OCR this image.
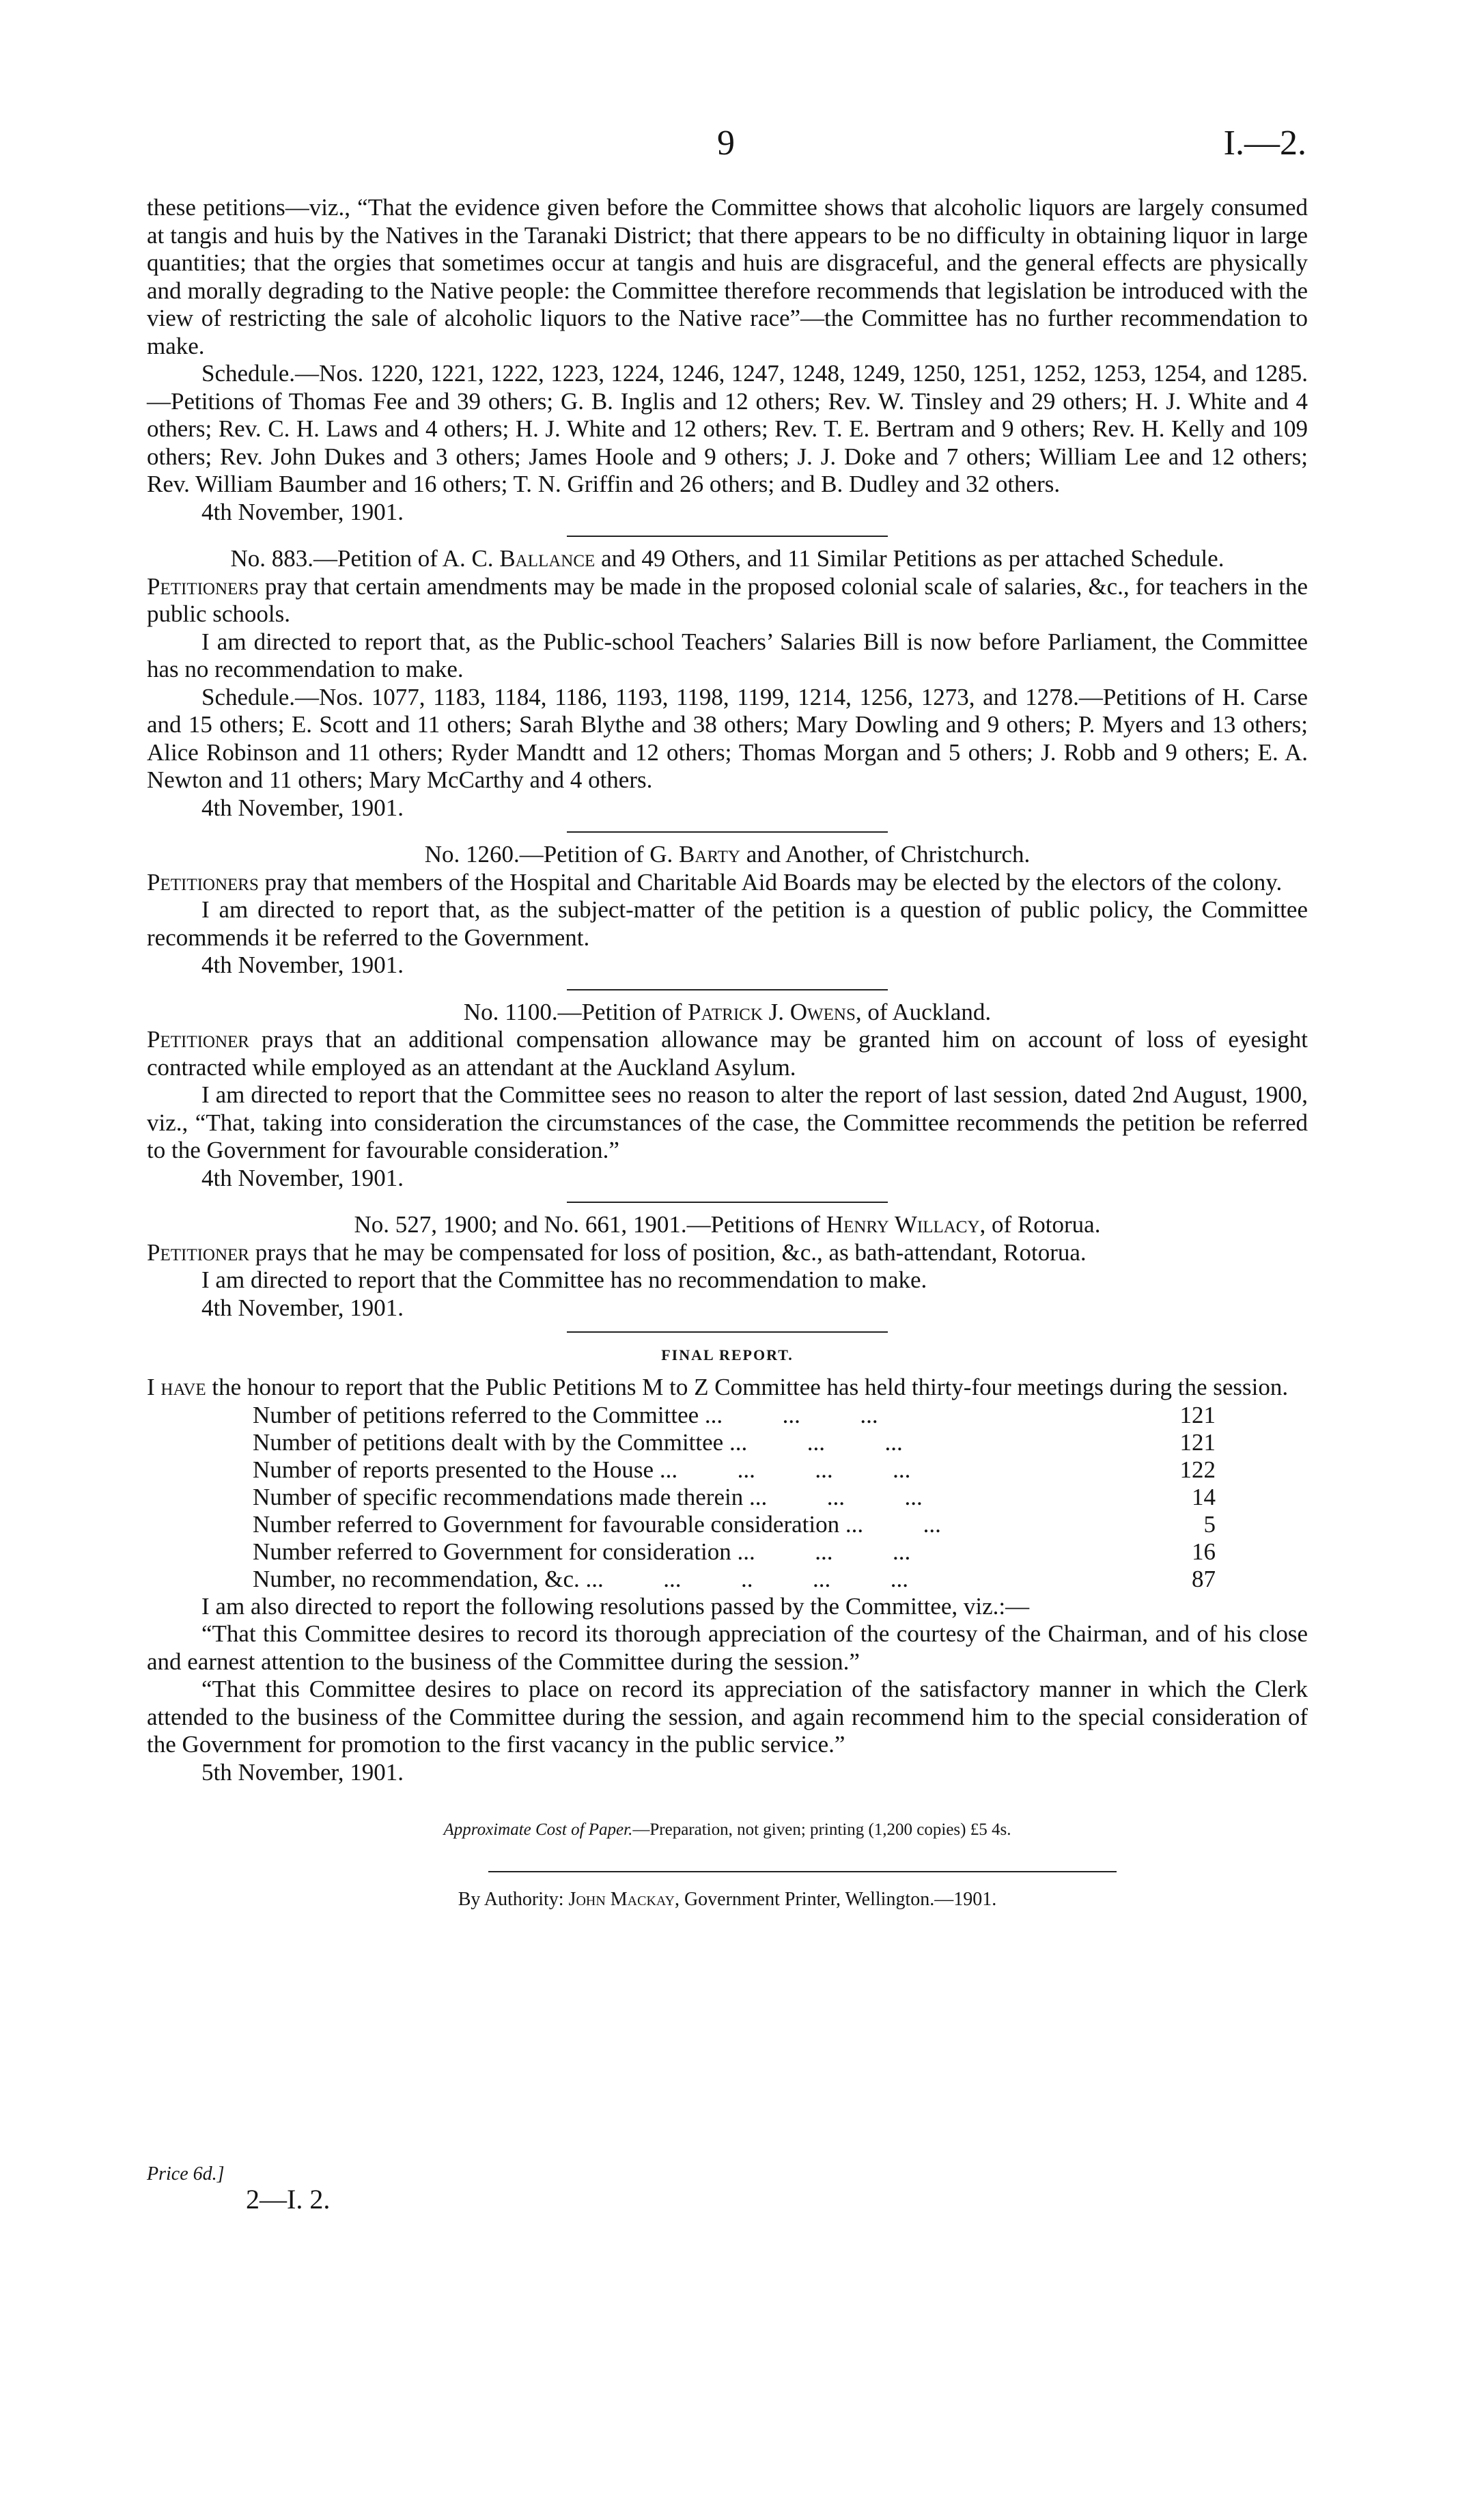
9	I.—2.

these petitions—viz., “That the evidence given before the Committee shows that alcoholic liquors are largely consumed at tangis and huis by the Natives in the Taranaki District; that there appears to be no difficulty in obtaining liquor in large quantities; that the orgies that sometimes occur at tangis and huis are disgraceful, and the general effects are physically and morally degrading to the Native people: the Committee therefore recommends that legislation be introduced with the view of restricting the sale of alcoholic liquors to the Native race”—the Committee has no further recommendation to make.

Schedule.—Nos. 1220, 1221, 1222, 1223, 1224, 1246, 1247, 1248, 1249, 1250, 1251, 1252, 1253, 1254, and 1285.—Petitions of Thomas Fee and 39 others; G. B. Inglis and 12 others; Rev. W. Tinsley and 29 others; H. J. White and 4 others; Rev. C. H. Laws and 4 others; H. J. White and 12 others; Rev. T. E. Bertram and 9 others; Rev. H. Kelly and 109 others; Rev. John Dukes and 3 others; James Hoole and 9 others; J. J. Doke and 7 others; William Lee and 12 others; Rev. William Baumber and 16 others; T. N. Griffin and 26 others; and B. Dudley and 32 others.

4th November, 1901.

No. 883.—Petition of A. C. Ballance and 49 Others, and 11 Similar Petitions as per attached Schedule.

Petitioners pray that certain amendments may be made in the proposed colonial scale of salaries, &c., for teachers in the public schools.

I am directed to report that, as the Public-school Teachers’ Salaries Bill is now before Parliament, the Committee has no recommendation to make.

Schedule.—Nos. 1077, 1183, 1184, 1186, 1193, 1198, 1199, 1214, 1256, 1273, and 1278.—Petitions of H. Carse and 15 others; E. Scott and 11 others; Sarah Blythe and 38 others; Mary Dowling and 9 others; P. Myers and 13 others; Alice Robinson and 11 others; Ryder Mandtt and 12 others; Thomas Morgan and 5 others; J. Robb and 9 others; E. A. Newton and 11 others; Mary McCarthy and 4 others.

4th November, 1901.

No. 1260.—Petition of G. Barty and Another, of Christchurch.

Petitioners pray that members of the Hospital and Charitable Aid Boards may be elected by the electors of the colony.

I am directed to report that, as the subject-matter of the petition is a question of public policy, the Committee recommends it be referred to the Government.

4th November, 1901.

No. 1100.—Petition of Patrick J. Owens, of Auckland.

Petitioner prays that an additional compensation allowance may be granted him on account of loss of eyesight contracted while employed as an attendant at the Auckland Asylum.

I am directed to report that the Committee sees no reason to alter the report of last session, dated 2nd August, 1900, viz., “That, taking into consideration the circumstances of the case, the Committee recommends the petition be referred to the Government for favourable consideration.”

4th November, 1901.

No. 527, 1900; and No. 661, 1901.—Petitions of Henry Willacy, of Rotorua.

Petitioner prays that he may be compensated for loss of position, &c., as bath-attendant, Rotorua.

I am directed to report that the Committee has no recommendation to make.

4th November, 1901.

FINAL REPORT.

I have the honour to report that the Public Petitions M to Z Committee has held thirty-four meetings during the session.

Number of petitions referred to the Committee ...          ...          ...	121
Number of petitions dealt with by the Committee ...          ...          ...	121
Number of reports presented to the House ...          ...          ...          ...	122
Number of specific recommendations made therein ...          ...          ...	14
Number referred to Government for favourable consideration ...          ...	5
Number referred to Government for consideration ...          ...          ...	16
Number, no recommendation, &c. ...          ...          ..          ...          ...	87

I am also directed to report the following resolutions passed by the Committee, viz.:—

“That this Committee desires to record its thorough appreciation of the courtesy of the Chairman, and of his close and earnest attention to the business of the Committee during the session.”

“That this Committee desires to place on record its appreciation of the satisfactory manner in which the Clerk attended to the business of the Committee during the session, and again recommend him to the special consideration of the Government for promotion to the first vacancy in the public service.”

5th November, 1901.

Approximate Cost of Paper.—Preparation, not given; printing (1,200 copies) £5 4s.
By Authority: John Mackay, Government Printer, Wellington.—1901.
Price 6d.]
2—I. 2.
